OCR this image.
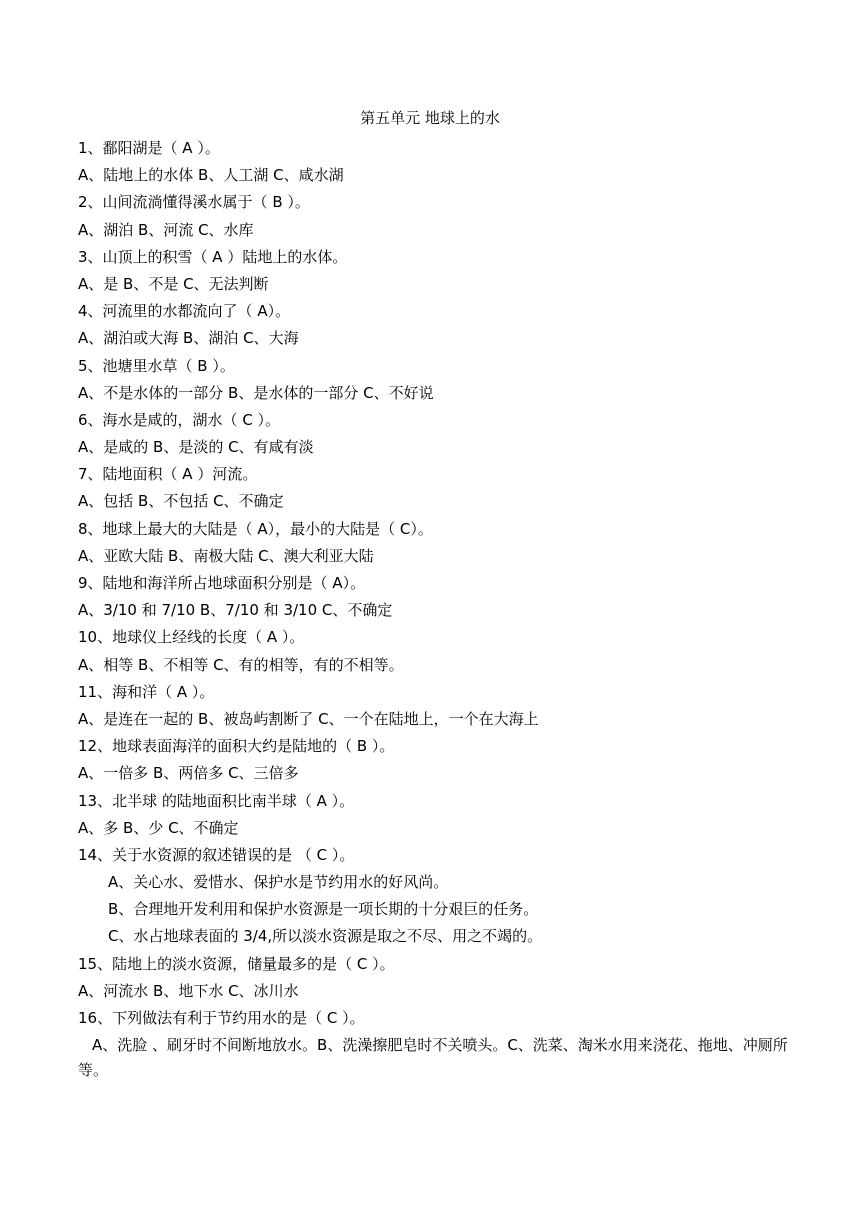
第五单元 地球上的水
1、鄱阳湖是（ A ）。
A、陆地上的水体 B、人工湖 C、咸水湖
2、山间流淌懂得溪水属于（ B ）。
A、湖泊 B、河流 C、水库
3、山顶上的积雪（ A ）陆地上的水体。
A、是 B、不是 C、无法判断
4、河流里的水都流向了（ A）。
A、湖泊或大海 B、湖泊 C、大海
5、池塘里水草（ B ）。
A、不是水体的一部分 B、是水体的一部分 C、不好说
6、海水是咸的，湖水（ C ）。
A、是咸的 B、是淡的 C、有咸有淡
7、陆地面积（ A ）河流。
A、包括 B、不包括 C、不确定
8、地球上最大的大陆是（ A），最小的大陆是（ C）。
A、亚欧大陆 B、南极大陆 C、澳大利亚大陆
9、陆地和海洋所占地球面积分别是（ A）。
A、3/10 和 7/10 B、7/10 和 3/10 C、不确定
10、地球仪上经线的长度（ A ）。
A、相等 B、不相等 C、有的相等，有的不相等。
11、海和洋（ A ）。
A、是连在一起的 B、被岛屿割断了 C、一个在陆地上，一个在大海上
12、地球表面海洋的面积大约是陆地的（ B ）。
A、一倍多 B、两倍多 C、三倍多
13、北半球 的陆地面积比南半球（ A ）。
A、多 B、少 C、不确定
14、关于水资源的叙述错误的是 （ C ）。
A、关心水、爱惜水、保护水是节约用水的好风尚。
B、合理地开发利用和保护水资源是一项长期的十分艰巨的任务。
C、水占地球表面的 3/4,所以淡水资源是取之不尽、用之不竭的。
15、陆地上的淡水资源，储量最多的是（ C ）。
A、河流水 B、地下水 C、冰川水
16、下列做法有利于节约用水的是（ C ）。
A、洗脸 、刷牙时不间断地放水。B、洗澡擦肥皂时不关喷头。C、洗菜、淘米水用来浇花、拖地、冲厕所等。
